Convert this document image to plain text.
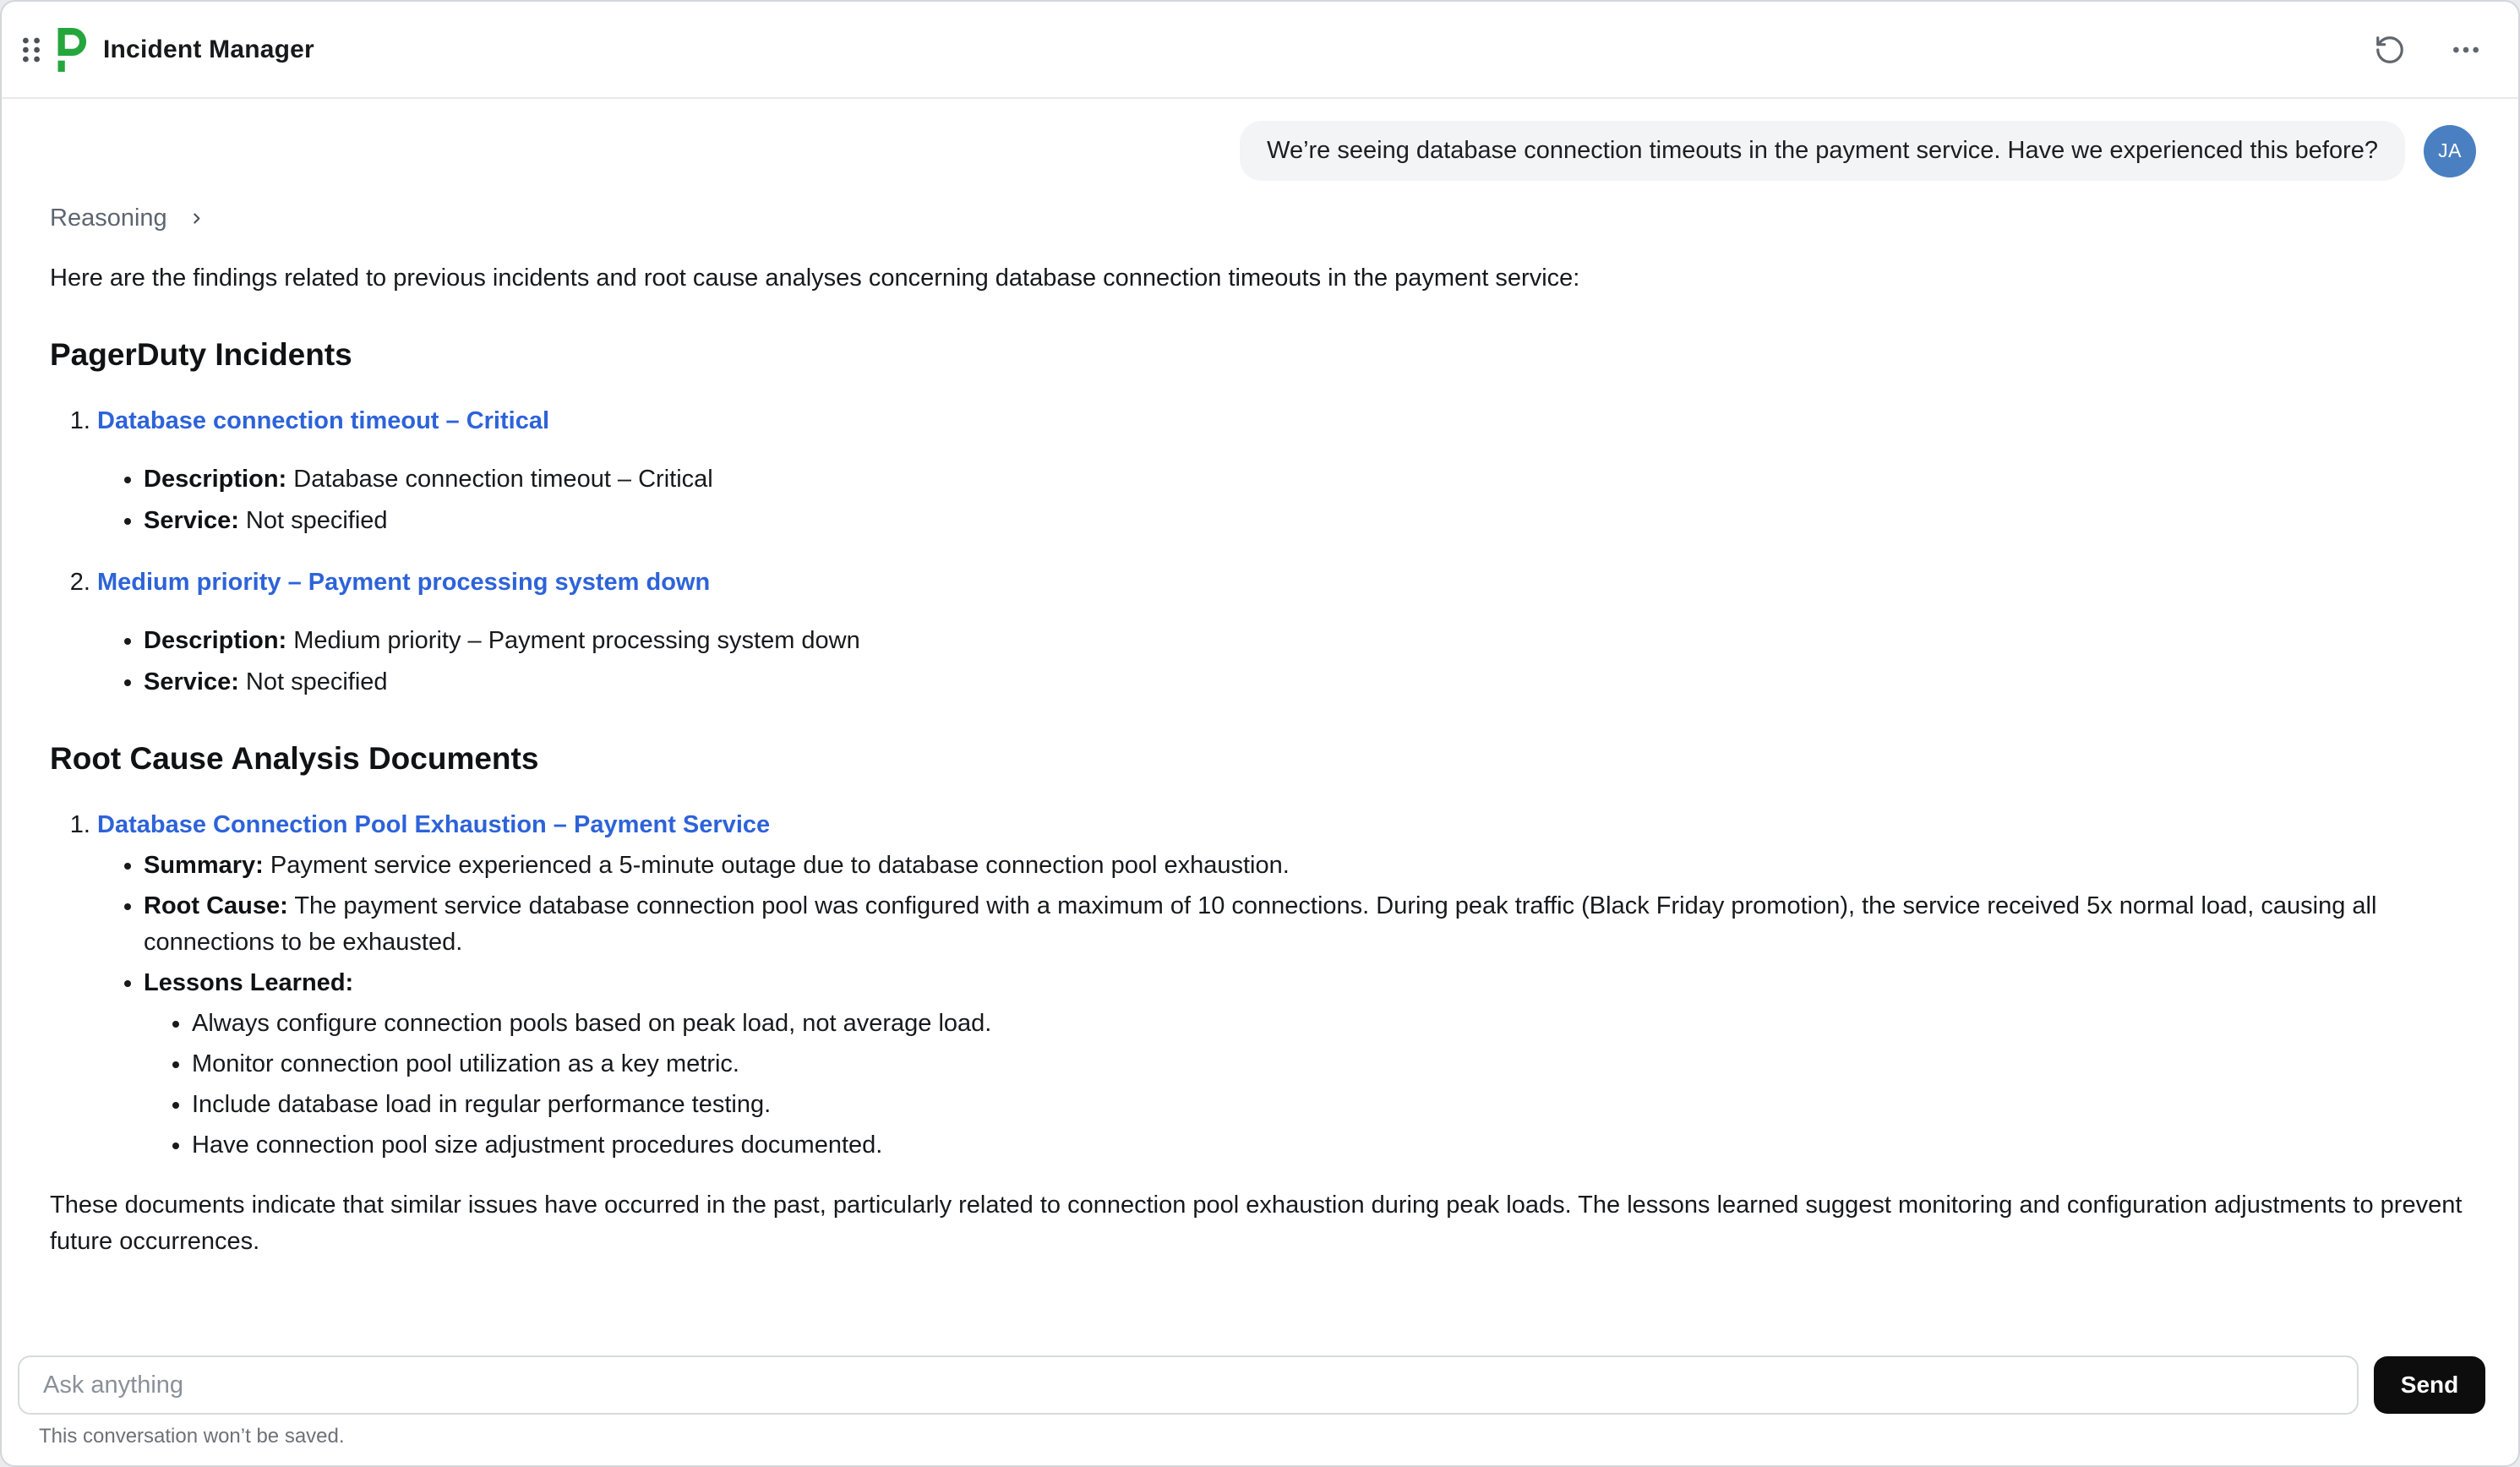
Incident Manager
We’re seeing database connection timeouts in the payment service. Have we experienced this before?	JA
Reasoning

Here are the findings related to previous incidents and root cause analyses concerning database connection timeouts in the payment service:

PagerDuty Incidents
1. Database connection timeout – Critical
• Description: Database connection timeout – Critical
• Service: Not specified
2. Medium priority – Payment processing system down
• Description: Medium priority – Payment processing system down
• Service: Not specified
Root Cause Analysis Documents
1. Database Connection Pool Exhaustion – Payment Service
• Summary: Payment service experienced a 5-minute outage due to database connection pool exhaustion.
• Root Cause: The payment service database connection pool was configured with a maximum of 10 connections. During peak traffic (Black Friday promotion), the service received 5x normal load, causing all connections to be exhausted.
• Lessons Learned:
• Always configure connection pools based on peak load, not average load.
• Monitor connection pool utilization as a key metric.
• Include database load in regular performance testing.
• Have connection pool size adjustment procedures documented.

These documents indicate that similar issues have occurred in the past, particularly related to connection pool exhaustion during peak loads. The lessons learned suggest monitoring and configuration adjustments to prevent future occurrences.

Ask anything
Send
This conversation won’t be saved.
